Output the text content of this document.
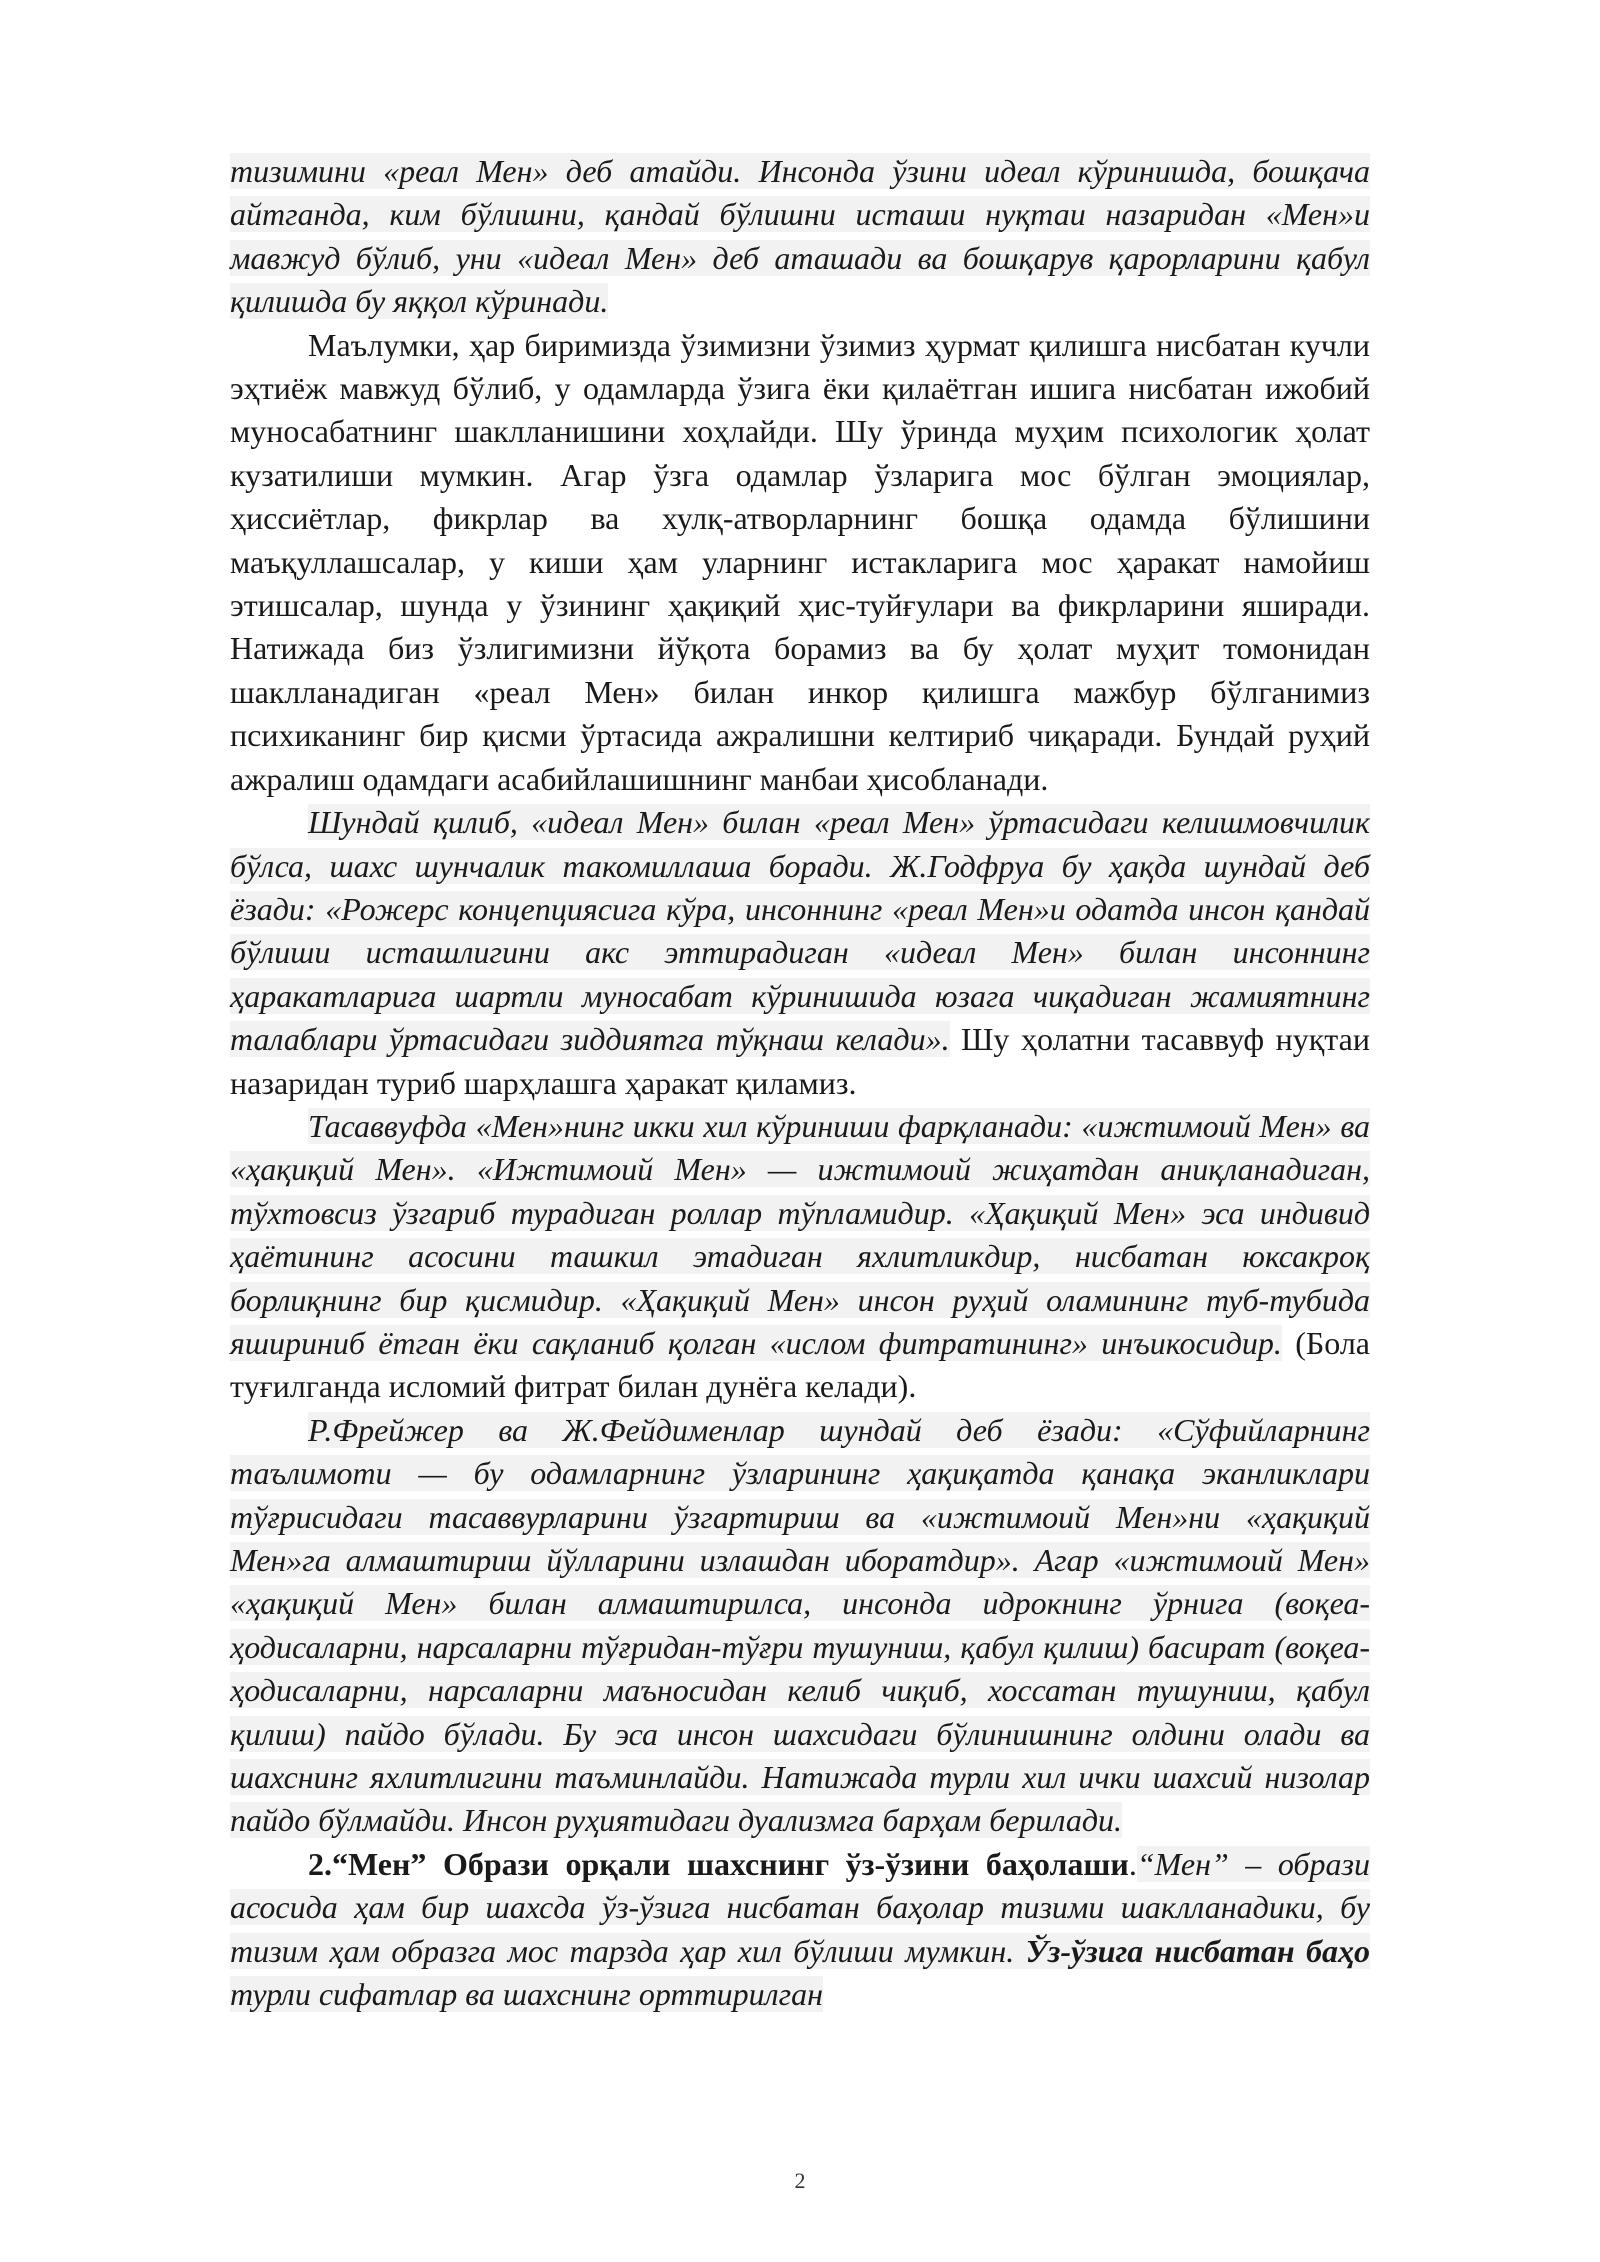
тизимини «реал Мен» деб атайди. Инсонда ўзини идеал кўринишда, бошқача айтганда, ким бўлишни, қандай бўлишни исташи нуқтаи назаридан «Мен»и мавжуд бўлиб, уни «идеал Мен» деб аташади ва бошқарув қарорларини қабул қилишда бу яққол кўринади.

Маълумки, ҳар биримизда ўзимизни ўзимиз ҳурмат қилишга нисбатан кучли эҳтиёж мавжуд бўлиб, у одамларда ўзига ёки қилаётган ишига нисбатан ижобий муносабатнинг шаклланишини хоҳлайди. Шу ўринда муҳим психологик ҳолат кузатилиши мумкин. Агар ўзга одамлар ўзларига мос бўлган эмоциялар, ҳиссиётлар, фикрлар ва хулқ-атворларнинг бошқа одамда бўлишини маъқуллашсалар, у киши ҳам уларнинг истакларига мос ҳаракат намойиш этишсалар, шунда у ўзининг ҳақиқий ҳис-туйғулари ва фикрларини яширади. Натижада биз ўзлигимизни йўқота борамиз ва бу ҳолат муҳит томонидан шаклланадиган «реал Мен» билан инкор қилишга мажбур бўлганимиз психиканинг бир қисми ўртасида ажралишни келтириб чиқаради. Бундай руҳий ажралиш одамдаги асабийлашишнинг манбаи ҳисобланади.

Шундай қилиб, «идеал Мен» билан «реал Мен» ўртасидаги келишмовчилик бўлса, шахс шунчалик такомиллаша боради. Ж.Годфруа бу ҳақда шундай деб ёзади: «Рожерс концепциясига кўра, инсоннинг «реал Мен»и одатда инсон қандай бўлиши исташлигини акс эттирадиган «идеал Мен» билан инсоннинг ҳаракатларига шартли муносабат кўринишида юзага чиқадиган жамиятнинг талаблари ўртасидаги зиддиятга тўқнаш келади». Шу ҳолатни тасаввуф нуқтаи назаридан туриб шарҳлашга ҳаракат қиламиз.

Тасаввуфда «Мен»нинг икки хил кўриниши фарқланади: «ижтимоий Мен» ва «ҳақиқий Мен». «Ижтимоий Мен» — ижтимоий жиҳатдан аниқланадиган, тўхтовсиз ўзгариб турадиган роллар тўпламидир. «Ҳақиқий Мен» эса индивид ҳаётининг асосини ташкил этадиган яхлитликдир, нисбатан юксакроқ борлиқнинг бир қисмидир. «Ҳақиқий Мен» инсон руҳий оламининг туб-тубида яшириниб ётган ёки сақланиб қолган «ислом фитратининг» инъикосидир. (Бола туғилганда исломий фитрат билан дунёга келади).

Р.Фрейжер ва Ж.Фейдименлар шундай деб ёзади: «Сўфийларнинг таълимоти — бу одамларнинг ўзларининг ҳақиқатда қанақа эканликлари тўғрисидаги тасаввурларини ўзгартириш ва «ижтимоий Мен»ни «ҳақиқий Мен»га алмаштириш йўлларини излашдан иборатдир». Агар «ижтимоий Мен» «ҳақиқий Мен» билан алмаштирилса, инсонда идрокнинг ўрнига (воқеа-ҳодисаларни, нарсаларни тўғридан-тўғри тушуниш, қабул қилиш) басират (воқеа-ҳодисаларни, нарсаларни маъносидан келиб чиқиб, хоссатан тушуниш, қабул қилиш) пайдо бўлади. Бу эса инсон шахсидаги бўлинишнинг олдини олади ва шахснинг яхлитлигини таъминлайди. Натижада турли хил ички шахсий низолар пайдо бўлмайди. Инсон руҳиятидаги дуализмга барҳам берилади.

2.“Мен” Образи орқали шахснинг ўз-ўзини баҳолаши.“Мен” – образи асосида ҳам бир шахсда ўз-ўзига нисбатан баҳолар тизими шаклланадики, бу тизим ҳам образга мос тарзда ҳар хил бўлиши мумкин. Ўз-ўзига нисбатан баҳо турли сифатлар ва шахснинг орттирилган

2
